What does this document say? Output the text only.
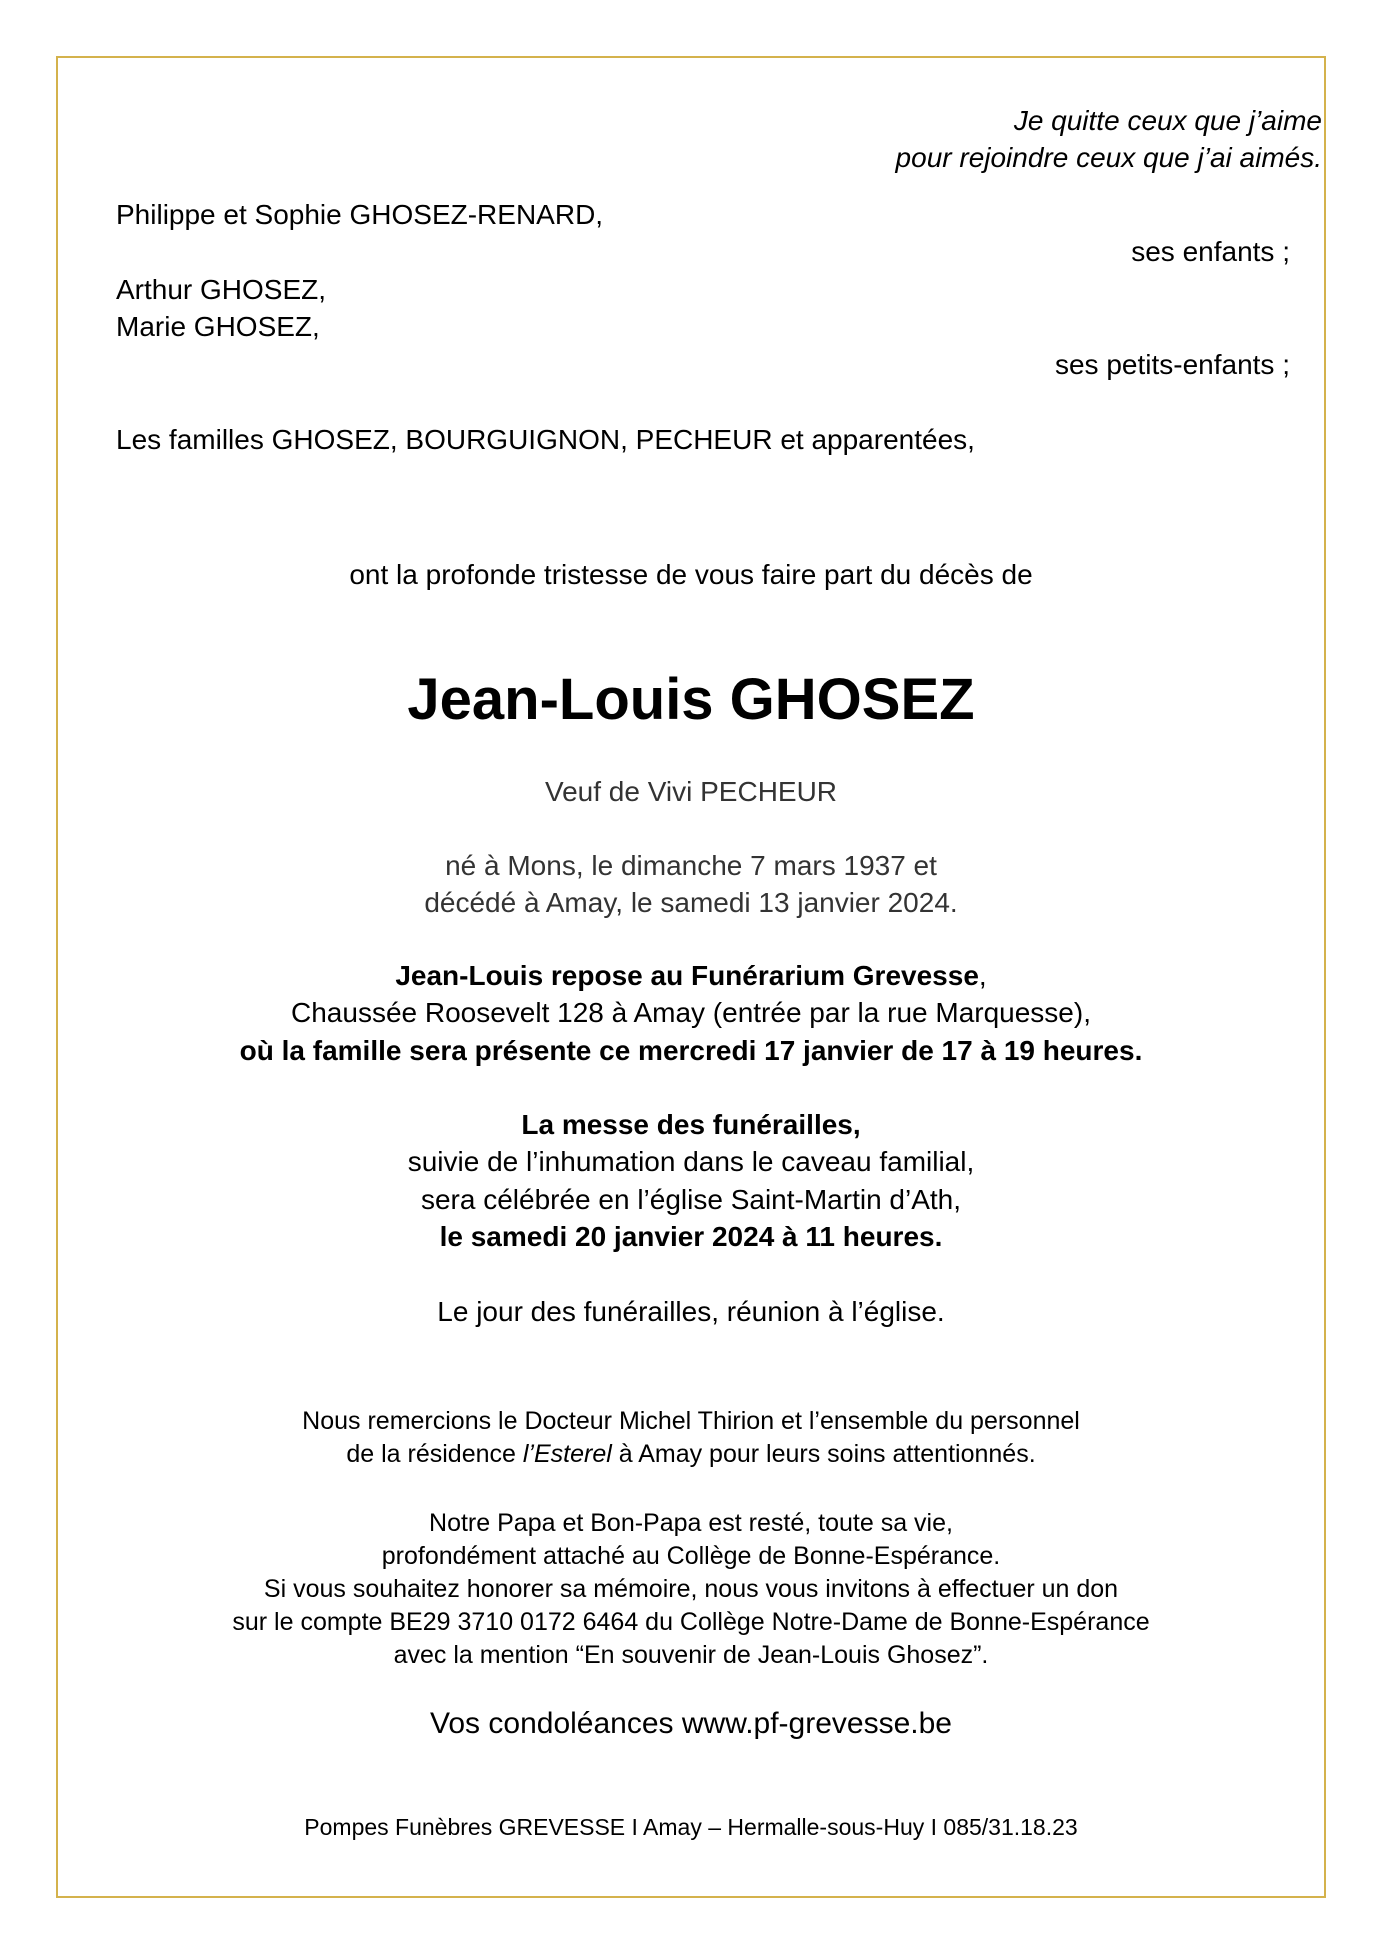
Je quitte ceux que j’aime
pour rejoindre ceux que j’ai aimés.
Philippe et Sophie GHOSEZ-RENARD,
ses enfants ;
Arthur GHOSEZ,
Marie GHOSEZ,
ses petits-enfants ;
Les familles GHOSEZ, BOURGUIGNON, PECHEUR et apparentées,
ont la profonde tristesse de vous faire part du décès de
Jean-Louis GHOSEZ
Veuf de Vivi PECHEUR
né à Mons, le dimanche 7 mars 1937 et
décédé à Amay, le samedi 13 janvier 2024.
Jean-Louis repose au Funérarium Grevesse,
Chaussée Roosevelt 128 à Amay (entrée par la rue Marquesse),
où la famille sera présente ce mercredi 17 janvier de 17 à 19 heures.
La messe des funérailles,
suivie de l’inhumation dans le caveau familial,
sera célébrée en l’église Saint-Martin d’Ath,
le samedi 20 janvier 2024 à 11 heures.
Le jour des funérailles, réunion à l’église.
Nous remercions le Docteur Michel Thirion et l’ensemble du personnel
de la résidence l’Esterel à Amay pour leurs soins attentionnés.
Notre Papa et Bon-Papa est resté, toute sa vie,
profondément attaché au Collège de Bonne-Espérance.
Si vous souhaitez honorer sa mémoire, nous vous invitons à effectuer un don
sur le compte BE29 3710 0172 6464 du Collège Notre-Dame de Bonne-Espérance
avec la mention “En souvenir de Jean-Louis Ghosez”.
Vos condoléances www.pf-grevesse.be
Pompes Funèbres GREVESSE I Amay – Hermalle-sous-Huy I 085/31.18.23
